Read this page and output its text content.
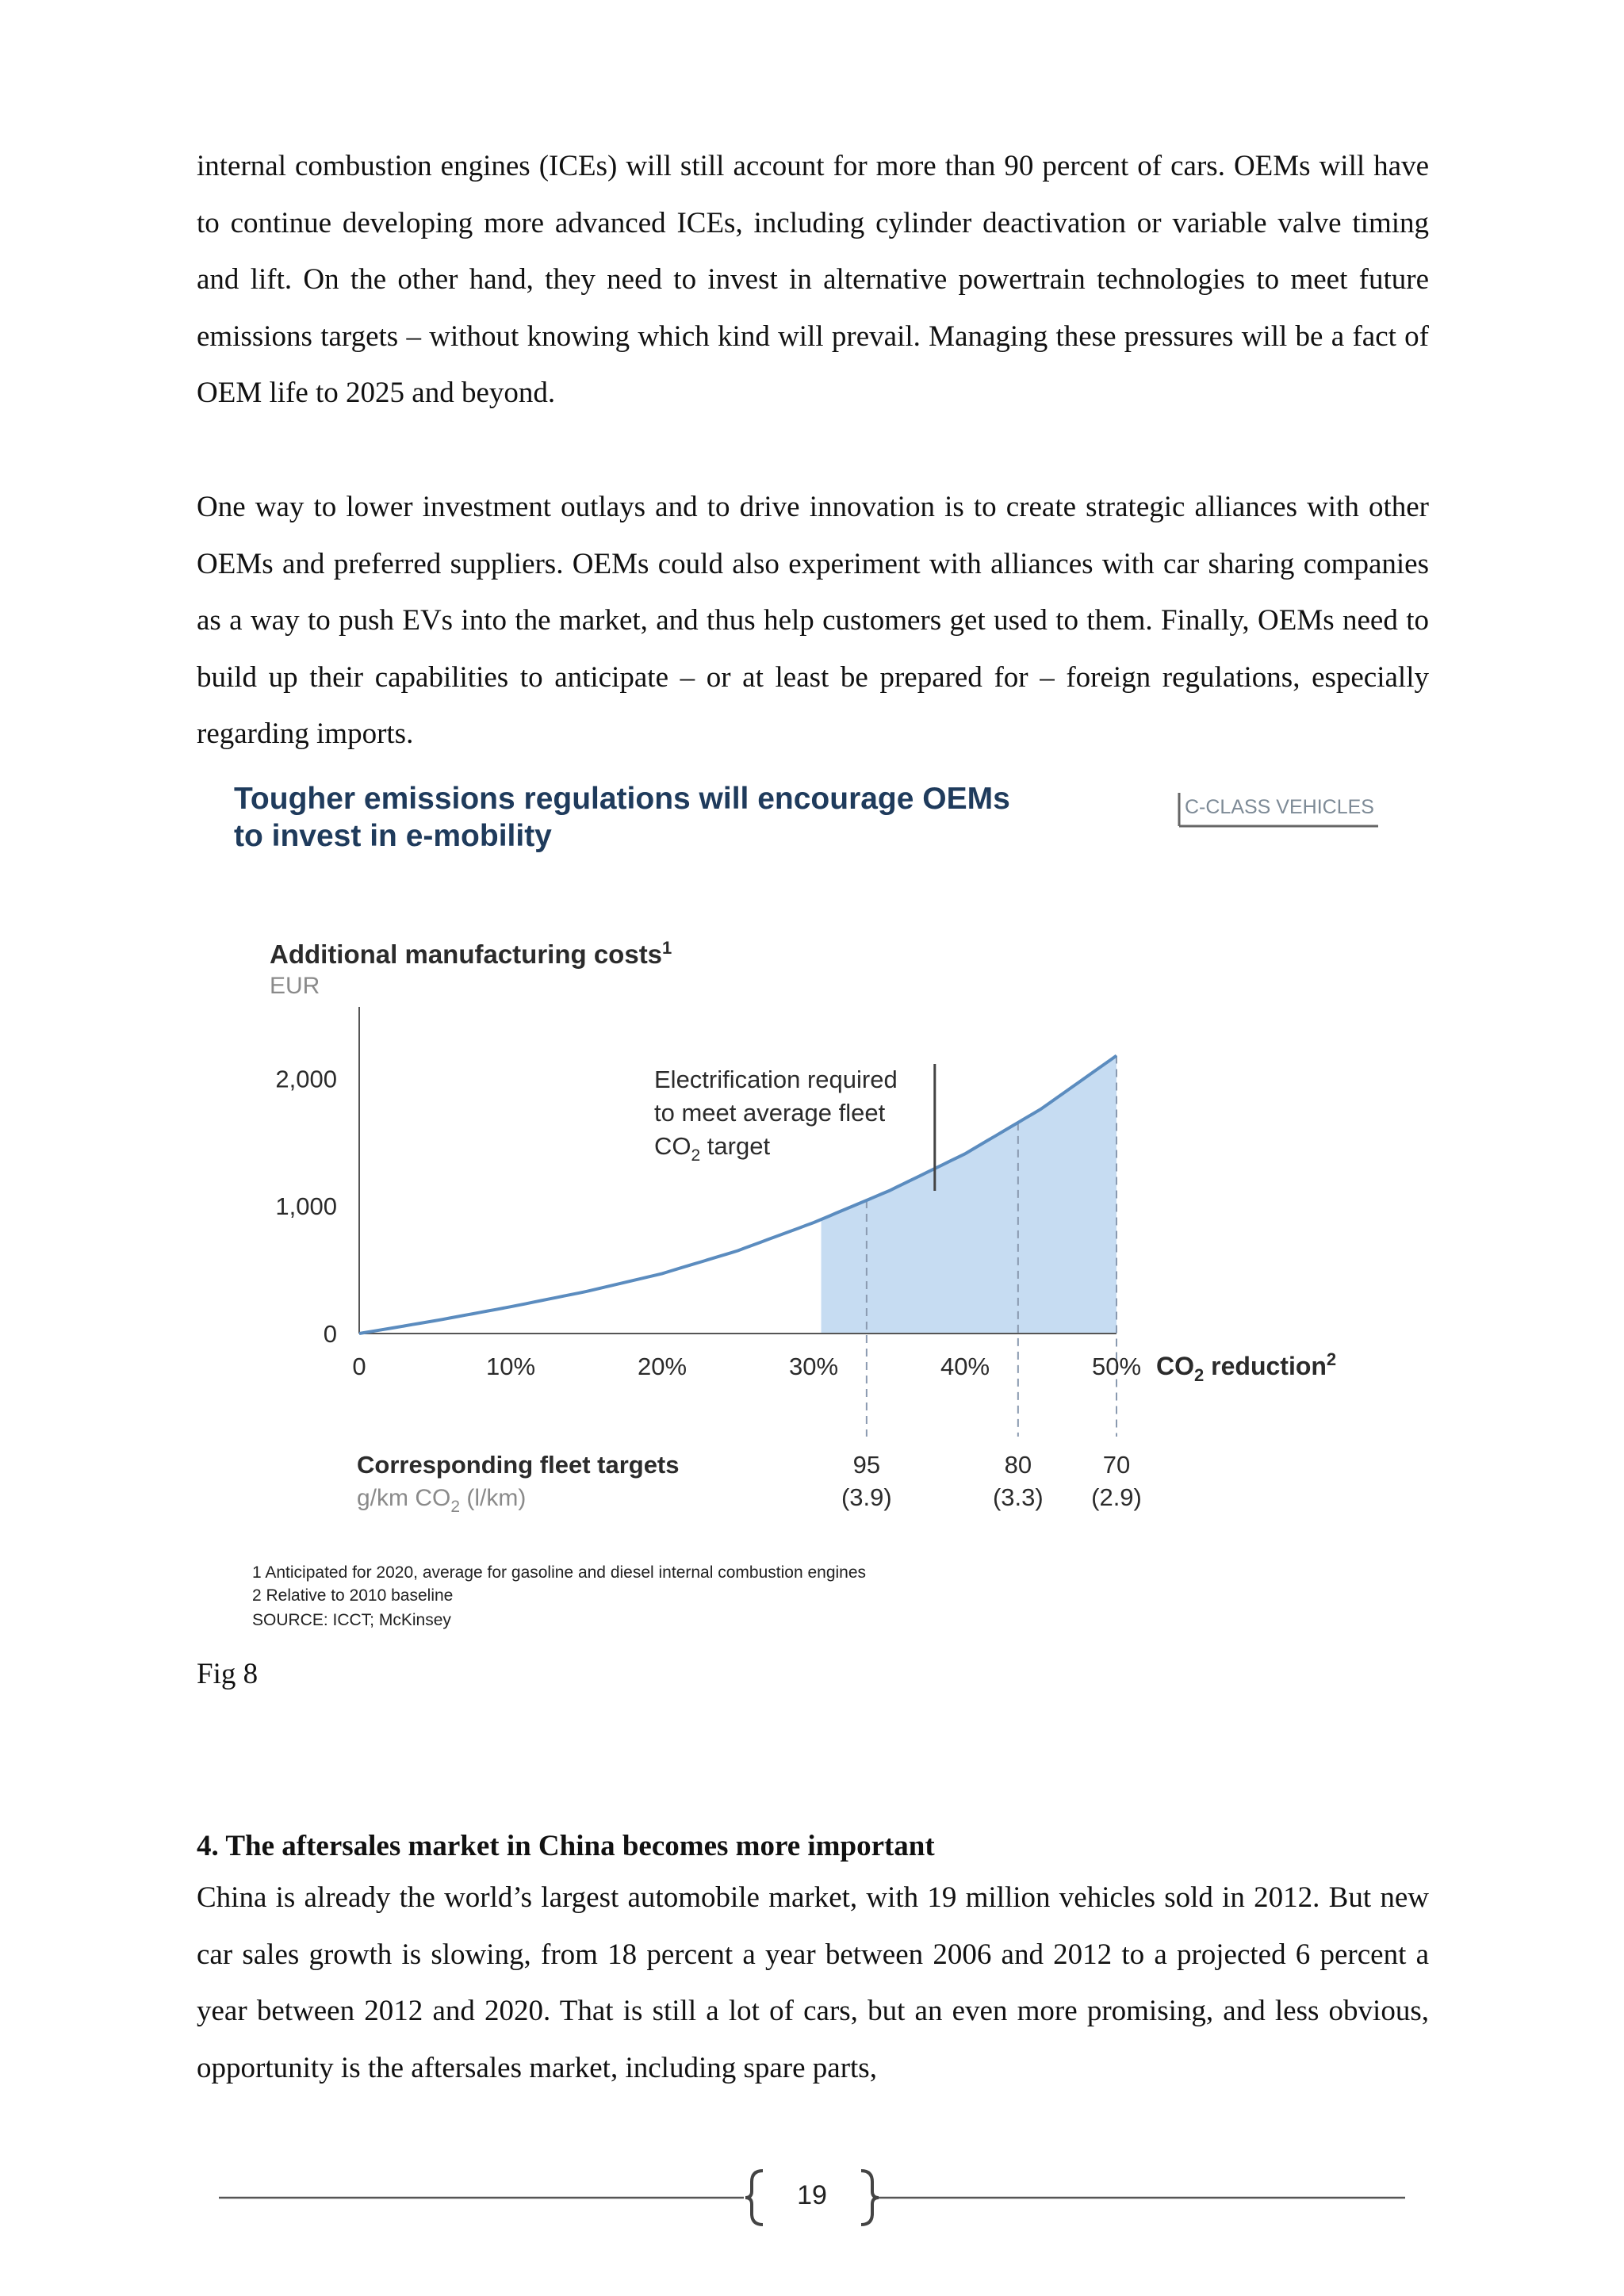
internal combustion engines (ICEs) will still account for more than 90 percent of cars. OEMs will have to continue developing more advanced ICEs, including cylinder deactivation or variable valve timing and lift. On the other hand, they need to invest in alternative powertrain technologies to meet future emissions targets – without knowing which kind will prevail. Managing these pressures will be a fact of OEM life to 2025 and beyond.

One way to lower investment outlays and to drive innovation is to create strategic alliances with other OEMs and preferred suppliers. OEMs could also experiment with alliances with car sharing companies as a way to push EVs into the market, and thus help customers get used to them. Finally, OEMs need to build up their capabilities to anticipate – or at least be prepared for – foreign regulations, especially regarding imports.

Tougher emissions regulations will encourage OEMs
to invest in e-mobility
C-CLASS VEHICLES
Additional manufacturing costs$^1$
EUR
95
(3.9)
80
(3.3)
70
(2.9)
Electrification required
to meet average fleet
$CO_2$ target
0
1,000
2,000
0	10%	20%	30%	40%	50% $CO_2$ reduction$^2$
Corresponding fleet targets
g/km $CO_2$ (l/km)
1 Anticipated for 2020, average for gasoline and diesel internal combustion engines
2 Relative to 2010 baseline
SOURCE: ICCT; McKinsey
Fig 8

4. The aftersales market in China becomes more important

China is already the world’s largest automobile market, with 19 million vehicles sold in 2012. But new car sales growth is slowing, from 18 percent a year between 2006 and 2012 to a projected 6 percent a year between 2012 and 2020. That is still a lot of cars, but an even more promising, and less obvious, opportunity is the aftersales market, including spare parts,

19
